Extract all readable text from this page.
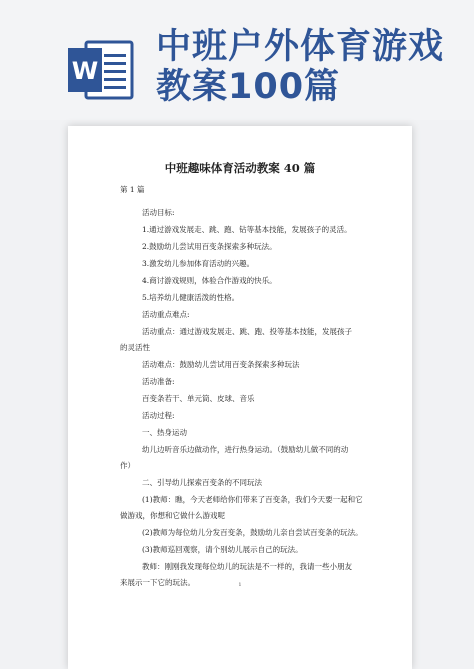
W
中班户外体育游戏教案100篇
中班趣味体育活动教案 40 篇
第 1 篇
活动目标:
1.通过游戏发展走、跳、跑、钻等基本技能，发展孩子的灵活。
2.鼓励幼儿尝试用百变条探索多种玩法。
3.激发幼儿参加体育活动的兴趣。
4.商讨游戏规则，体验合作游戏的快乐。
5.培养幼儿健康活泼的性格。
活动重点难点:
活动重点：通过游戏发展走、跳、跑、投等基本技能，发展孩子
的灵活性
活动难点：鼓励幼儿尝试用百变条探索多种玩法
活动准备:
百变条若干、单元筒、皮球、音乐
活动过程:
一、热身运动
幼儿边听音乐边做动作，进行热身运动。（鼓励幼儿做不同的动
作）
二、引导幼儿探索百变条的不同玩法
(1)教师：瞧，今天老师给你们带来了百变条，我们今天要一起和它
做游戏，你想和它做什么游戏呢
(2)教师为每位幼儿分发百变条，鼓励幼儿亲自尝试百变条的玩法。
(3)教师巡回观察，请个别幼儿展示自己的玩法。
教师：刚刚我发现每位幼儿的玩法是不一样的，我请一些小朋友
来展示一下它的玩法。	1
